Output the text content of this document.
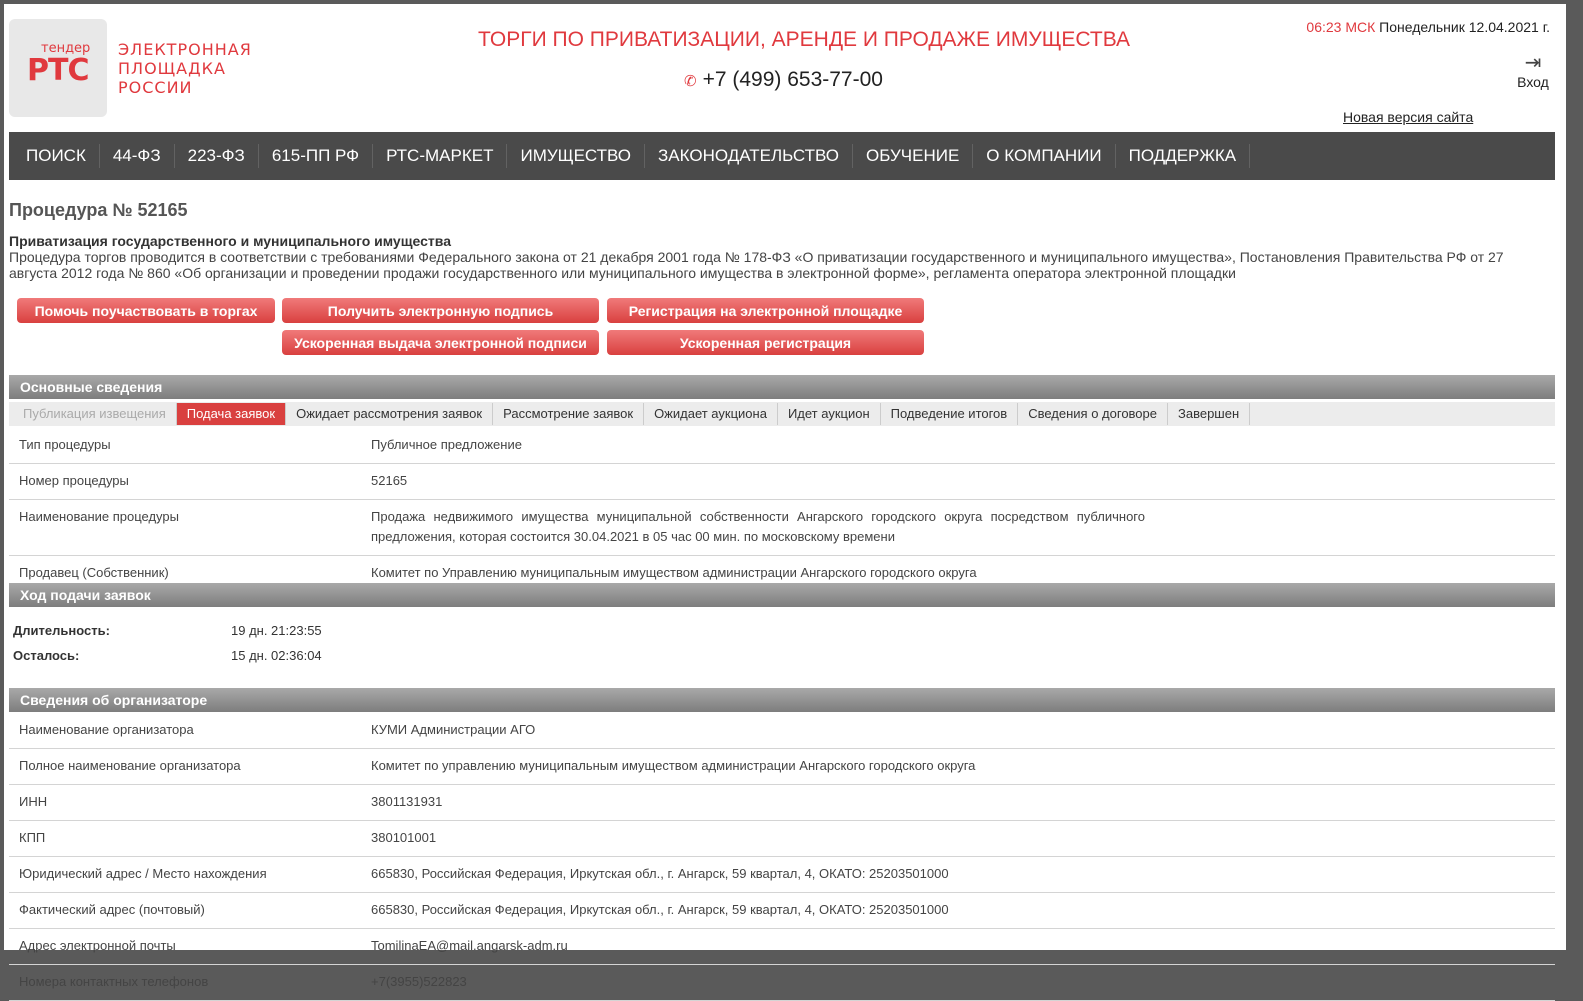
тендер
РТС
ЭЛЕКТРОННАЯ
ПЛОЩАДКА
РОССИИ
ТОРГИ ПО ПРИВАТИЗАЦИИ, АРЕНДЕ И ПРОДАЖЕ ИМУЩЕСТВА
✆ +7 (499) 653-77-00
06:23 МСК Понедельник 12.04.2021 г.
⇥
Вход
Новая версия сайта
ПОИСК	44-ФЗ	223-ФЗ	615-ПП РФ	РТС-МАРКЕТ	ИМУЩЕСТВО	ЗАКОНОДАТЕЛЬСТВО	ОБУЧЕНИЕ	О КОМПАНИИ	ПОДДЕРЖКА
Процедура № 52165
Приватизация государственного и муниципального имущества
Процедура торгов проводится в соответствии с требованиями Федерального закона от 21 декабря 2001 года № 178-ФЗ «О приватизации государственного и муниципального имущества», Постановления Правительства РФ от 27 августа 2012 года № 860 «Об организации и проведении продажи государственного или муниципального имущества в электронной форме», регламента оператора электронной площадки
Помочь поучаствовать в торгах	Получить электронную подпись	Регистрация на электронной площадке
Ускоренная выдача электронной подписи	Ускоренная регистрация
Основные сведения
Публикация извещения	Подача заявок	Ожидает рассмотрения заявок	Рассмотрение заявок	Ожидает аукциона	Идет аукцион	Подведение итогов	Сведения о договоре	Завершен
Тип процедуры	Публичное предложение
Номер процедуры	52165
Наименование процедуры	Продажа недвижимого имущества муниципальной собственности Ангарского городского округа посредством публичного предложения, которая состоится 30.04.2021 в 05 час 00 мин. по московскому времени
Продавец (Собственник)	Комитет по Управлению муниципальным имуществом администрации Ангарского городского округа
Ход подачи заявок
Длительность:	19 дн. 21:23:55
Осталось:	15 дн. 02:36:04
Сведения об организаторе
Наименование организатора	КУМИ Администрации АГО
Полное наименование организатора	Комитет по управлению муниципальным имуществом администрации Ангарского городского округа
ИНН	3801131931
КПП	380101001
Юридический адрес / Место нахождения	665830, Российская Федерация, Иркутская обл., г. Ангарск, 59 квартал, 4, ОКАТО: 25203501000
Фактический адрес (почтовый)	665830, Российская Федерация, Иркутская обл., г. Ангарск, 59 квартал, 4, ОКАТО: 25203501000
Адрес электронной почты	TomilinaEA@mail.angarsk-adm.ru
Номера контактных телефонов	+7(3955)522823
